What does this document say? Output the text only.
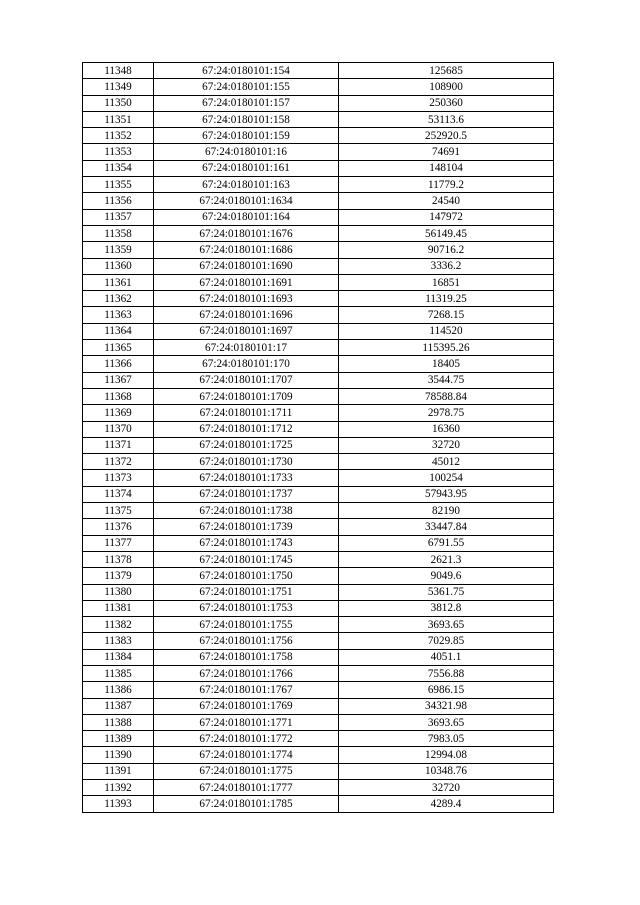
11348	67:24:0180101:154	125685
11349	67:24:0180101:155	108900
11350	67:24:0180101:157	250360
11351	67:24:0180101:158	53113.6
11352	67:24:0180101:159	252920.5
11353	67:24:0180101:16	74691
11354	67:24:0180101:161	148104
11355	67:24:0180101:163	11779.2
11356	67:24:0180101:1634	24540
11357	67:24:0180101:164	147972
11358	67:24:0180101:1676	56149.45
11359	67:24:0180101:1686	90716.2
11360	67:24:0180101:1690	3336.2
11361	67:24:0180101:1691	16851
11362	67:24:0180101:1693	11319.25
11363	67:24:0180101:1696	7268.15
11364	67:24:0180101:1697	114520
11365	67:24:0180101:17	115395.26
11366	67:24:0180101:170	18405
11367	67:24:0180101:1707	3544.75
11368	67:24:0180101:1709	78588.84
11369	67:24:0180101:1711	2978.75
11370	67:24:0180101:1712	16360
11371	67:24:0180101:1725	32720
11372	67:24:0180101:1730	45012
11373	67:24:0180101:1733	100254
11374	67:24:0180101:1737	57943.95
11375	67:24:0180101:1738	82190
11376	67:24:0180101:1739	33447.84
11377	67:24:0180101:1743	6791.55
11378	67:24:0180101:1745	2621.3
11379	67:24:0180101:1750	9049.6
11380	67:24:0180101:1751	5361.75
11381	67:24:0180101:1753	3812.8
11382	67:24:0180101:1755	3693.65
11383	67:24:0180101:1756	7029.85
11384	67:24:0180101:1758	4051.1
11385	67:24:0180101:1766	7556.88
11386	67:24:0180101:1767	6986.15
11387	67:24:0180101:1769	34321.98
11388	67:24:0180101:1771	3693.65
11389	67:24:0180101:1772	7983.05
11390	67:24:0180101:1774	12994.08
11391	67:24:0180101:1775	10348.76
11392	67:24:0180101:1777	32720
11393	67:24:0180101:1785	4289.4
